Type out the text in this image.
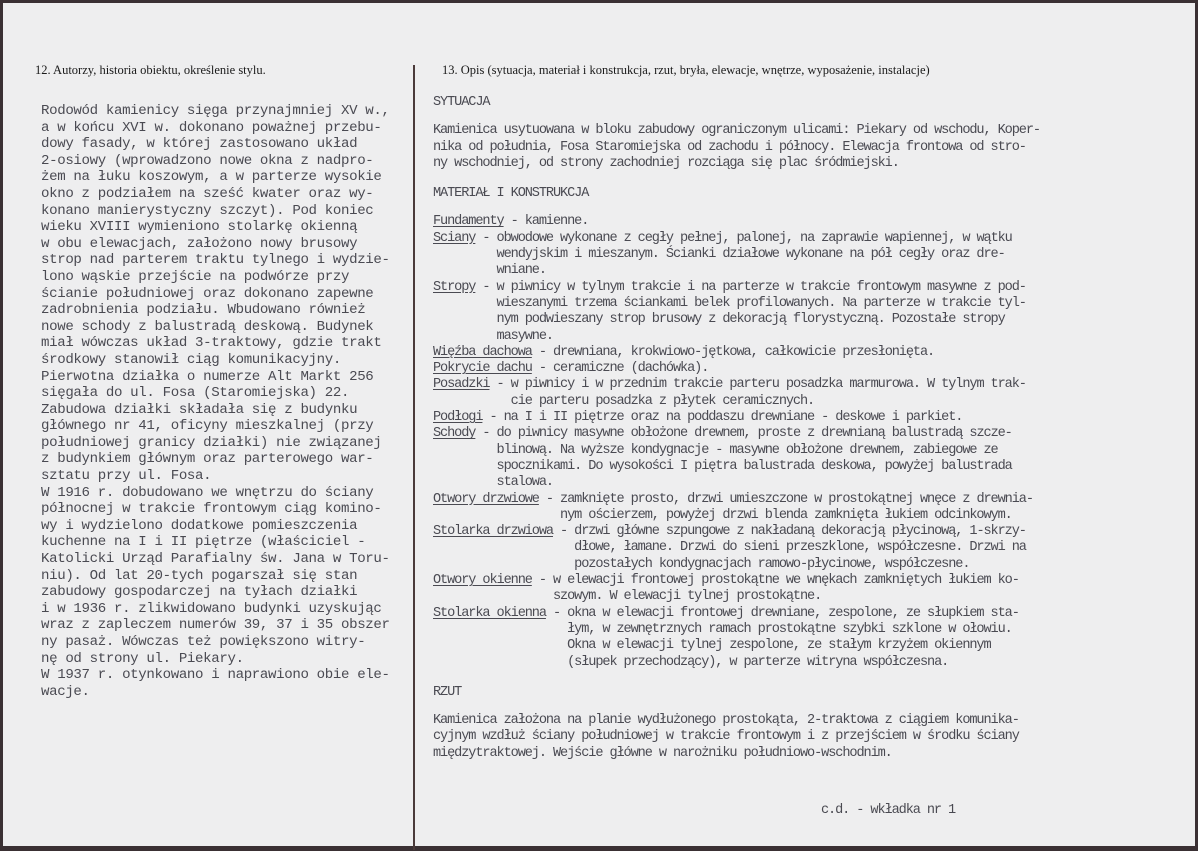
12. Autorzy, historia obiektu, określenie stylu.	13. Opis (sytuacja, materiał i konstrukcja, rzut, bryła, elewacje, wnętrze, wyposażenie, instalacje)
Rodowód kamienicy sięga przynajmniej XV w.,
a w końcu XVI w. dokonano poważnej przebu-
dowy fasady, w której zastosowano układ
2-osiowy (wprowadzono nowe okna z nadpro-
żem na łuku koszowym, a w parterze wysokie
okno z podziałem na sześć kwater oraz wy-
konano manierystyczny szczyt). Pod koniec
wieku XVIII wymieniono stolarkę okienną
w obu elewacjach, założono nowy brusowy
strop nad parterem traktu tylnego i wydzie-
lono wąskie przejście na podwórze przy
ścianie południowej oraz dokonano zapewne
zadrobnienia podziału. Wbudowano również
nowe schody z balustradą deskową. Budynek
miał wówczas układ 3-traktowy, gdzie trakt
środkowy stanowił ciąg komunikacyjny.
Pierwotna działka o numerze Alt Markt 256
sięgała do ul. Fosa (Staromiejska) 22.
Zabudowa działki składała się z budynku
głównego nr 41, oficyny mieszkalnej (przy
południowej granicy działki) nie związanej
z budynkiem głównym oraz parterowego war-
sztatu przy ul. Fosa.
W 1916 r. dobudowano we wnętrzu do ściany
północnej w trakcie frontowym ciąg komino-
wy i wydzielono dodatkowe pomieszczenia
kuchenne na I i II piętrze (właściciel -
Katolicki Urząd Parafialny św. Jana w Toru-
niu). Od lat 20-tych pogarszał się stan
zabudowy gospodarczej na tyłach działki
i w 1936 r. zlikwidowano budynki uzyskując
wraz z zapleczem numerów 39, 37 i 35 obszer
ny pasaż. Wówczas też powiększono witry-
nę od strony ul. Piekary.
W 1937 r. otynkowano i naprawiono obie ele-
wacje.
SYTUACJA
Kamienica usytuowana w bloku zabudowy ograniczonym ulicami: Piekary od wschodu, Koper-
nika od południa, Fosa Staromiejska od zachodu i północy. Elewacja frontowa od stro-
ny wschodniej, od strony zachodniej rozciąga się plac śródmiejski.
MATERIAŁ I KONSTRUKCJA
Fundamenty - kamienne.
Sciany - obwodowe wykonane z cegły pełnej, palonej, na zaprawie wapiennej, w wątku
wendyjskim i mieszanym. Ścianki działowe wykonane na pół cegły oraz dre-
wniane.
Stropy - w piwnicy w tylnym trakcie i na parterze w trakcie frontowym masywne z pod-
wieszanymi trzema ściankami belek profilowanych. Na parterze w trakcie tyl-
nym podwieszany strop brusowy z dekoracją florystyczną. Pozostałe stropy
masywne.
Więźba dachowa - drewniana, krokwiowo-jętkowa, całkowicie przesłonięta.
Pokrycie dachu - ceramiczne (dachówka).
Posadzki - w piwnicy i w przednim trakcie parteru posadzka marmurowa. W tylnym trak-
cie parteru posadzka z płytek ceramicznych.
Podłogi - na I i II piętrze oraz na poddaszu drewniane - deskowe i parkiet.
Schody - do piwnicy masywne obłożone drewnem, proste z drewnianą balustradą szcze-
blinową. Na wyższe kondygnacje - masywne obłożone drewnem, zabiegowe ze
spocznikami. Do wysokości I piętra balustrada deskowa, powyżej balustrada
stalowa.
Otwory drzwiowe - zamknięte prosto, drzwi umieszczone w prostokątnej wnęce z drewnia-
nym ościerzem, powyżej drzwi blenda zamknięta łukiem odcinkowym.
Stolarka drzwiowa - drzwi główne szpungowe z nakładaną dekoracją płycinową, 1-skrzy-
dłowe, łamane. Drzwi do sieni przeszklone, współczesne. Drzwi na
pozostałych kondygnacjach ramowo-płycinowe, współczesne.
Otwory okienne - w elewacji frontowej prostokątne we wnękach zamkniętych łukiem ko-
szowym. W elewacji tylnej prostokątne.
Stolarka okienna - okna w elewacji frontowej drewniane, zespolone, ze słupkiem sta-
łym, w zewnętrznych ramach prostokątne szybki szklone w ołowiu.
Okna w elewacji tylnej zespolone, ze stałym krzyżem okiennym
(słupek przechodzący), w parterze witryna współczesna.
RZUT
Kamienica założona na planie wydłużonego prostokąta, 2-traktowa z ciągiem komunika-
cyjnym wzdłuż ściany południowej w trakcie frontowym i z przejściem w środku ściany
międzytraktowej. Wejście główne w narożniku południowo-wschodnim.
c.d. - wkładka nr 1
